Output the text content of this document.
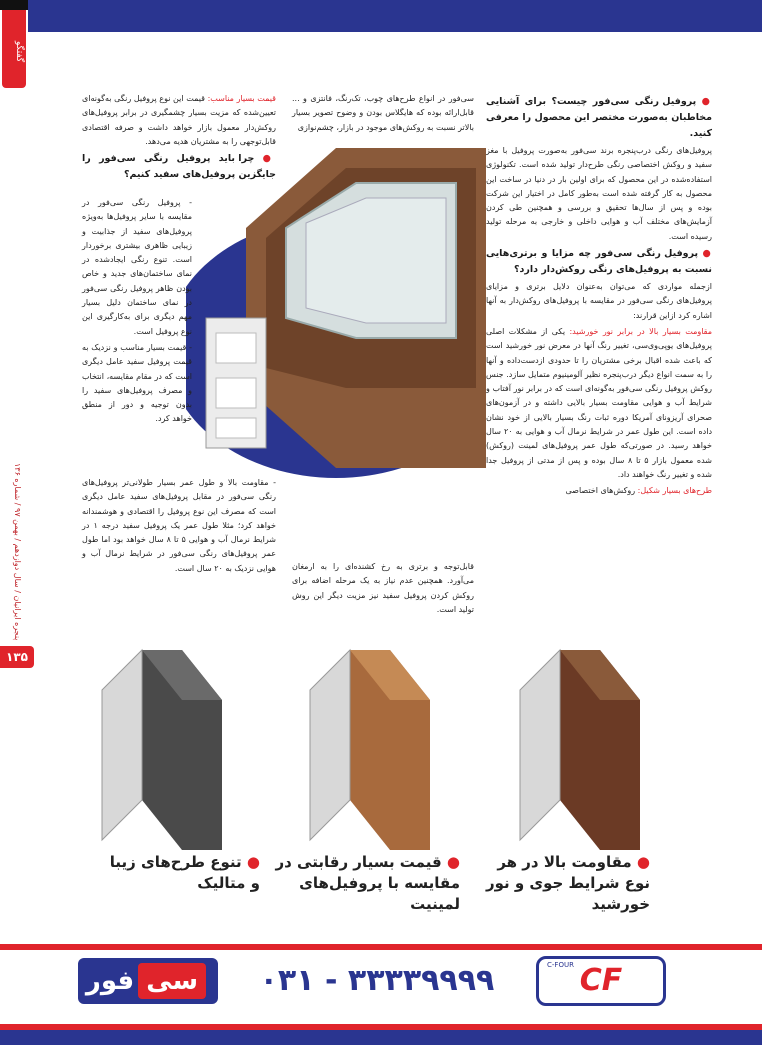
گفتگو
پنجره ایرانیان / سال دوازدهم / بهمن ۹۷ / شماره ۱۳۶
۱۳۵
● پروفیل رنگی سی‌فور چیست؟ برای آشنایی مخاطبان به‌صورت مختصر این محصول را معرفی کنید.

پروفیل‌های رنگی درب‌پنجره برند سی‌فور به‌صورت پروفیل با مغز سفید و روکش اختصاصی رنگی طرح‌دار تولید شده است. تکنولوژی استفاده‌شده در این محصول که برای اولین بار در دنیا در ساخت این محصول به کار گرفته شده است به‌طور کامل در اختیار این شرکت بوده و پس از سال‌ها تحقیق و بررسی و همچنین طی کردن آزمایش‌های مختلف آب و هوایی داخلی و خارجی به مرحله تولید رسیده است.

● پروفیل رنگی سی‌فور چه مزایا و برتری‌هایی نسبت به پروفیل‌های رنگی روکش‌دار دارد؟

ازجمله مواردی که می‌توان به‌عنوان دلایل برتری و مزایای پروفیل‌های رنگی سی‌فور در مقایسه با پروفیل‌های روکش‌دار به آنها اشاره کرد ازاین قرارند:

مقاومت بسیار بالا در برابر نور خورشید: یکی از مشکلات اصلی پروفیل‌های یوپی‌وی‌سی، تغییر رنگ آنها در معرض نور خورشید است که باعث شده اقبال برخی مشتریان را تا حدودی ازدست‌داده و آنها را به سمت انواع دیگر درب‌پنجره نظیر آلومینیوم متمایل سازد. جنس روکش پروفیل رنگی سی‌فور به‌گونه‌ای است که در برابر نور آفتاب و شرایط آب و هوایی مقاومت بسیار بالایی داشته و در آزمون‌های صحرای آریزونای آمریکا دوره ثبات رنگ بسیار بالایی از خود نشان داده است. این طول عمر در شرایط نرمال آب و هوایی به ۲۰ سال خواهد رسید. در صورتی‌که طول عمر پروفیل‌های لمینت (روکش) شده معمول بازار ۵ تا ۸ سال بوده و پس از مدتی از پروفیل جدا شده و تغییر رنگ خواهند داد.

طرح‌های بسیار شکیل: روکش‌های اختصاصی

سی‌فور در انواع طرح‌های چوب، تک‌رنگ، فانتزی و ... قابل‌ارائه بوده که هایگلاس بودن و وضوح تصویر بسیار بالاتر نسبت به روکش‌های موجود در بازار، چشم‌نوازی

قیمت بسیار مناسب: قیمت این نوع پروفیل رنگی به‌گونه‌ای تعیین‌شده که مزیت بسیار چشمگیری در برابر پروفیل‌های روکش‌دار معمول بازار خواهد داشت و صرفه اقتصادی قابل‌توجهی را به مشتریان هدیه می‌دهد.

● چرا باید پروفیل رنگی سی‌فور را جایگزین پروفیل‌های سفید کنیم؟

- پروفیل رنگی سی‌فور در مقایسه با سایر پروفیل‌ها به‌ویژه پروفیل‌های سفید از جذابیت و زیبایی ظاهری بیشتری برخوردار است. تنوع رنگی ایجادشده در نمای ساختمان‌های جدید و خاص بودن ظاهر پروفیل رنگی سی‌فور در نمای ساختمان دلیل بسیار مهم دیگری برای به‌کارگیری این نوع پروفیل است.

- قیمت بسیار مناسب و نزدیک به قیمت پروفیل سفید عامل دیگری است که در مقام مقایسه، انتخاب و مصرف پروفیل‌های سفید را بدون توجیه و دور از منطق خواهد کرد.

- مقاومت بالا و طول عمر بسیار طولانی‌تر پروفیل‌های رنگی سی‌فور در مقابل پروفیل‌های سفید عامل دیگری است که مصرف این نوع پروفیل را اقتصادی و هوشمندانه خواهد کرد؛ مثلا طول عمر یک پروفیل سفید درجه ۱ در شرایط نرمال آب و هوایی ۵ تا ۸ سال خواهد بود اما طول عمر پروفیل‌های رنگی سی‌فور در شرایط نرمال آب و هوایی نزدیک به ۲۰ سال است. قابل‌توجه و برتری به رخ کشنده‌ای را به ارمغان می‌آورد. همچنین عدم نیاز به یک مرحله اضافه برای روکش کردن پروفیل سفید نیز مزیت دیگر این روش تولید است.

● مقاومت بالا در هر نوع شرایط جوی و نور خورشید
● قیمت بسیار رقابتی در مقایسه با پروفیل‌های لمینیت
● تنوع طرح‌های زیبا و متالیک
سیفور	۰۳۱ - ۳۳۳۳۹۹۹۹	C-FOUR CF
